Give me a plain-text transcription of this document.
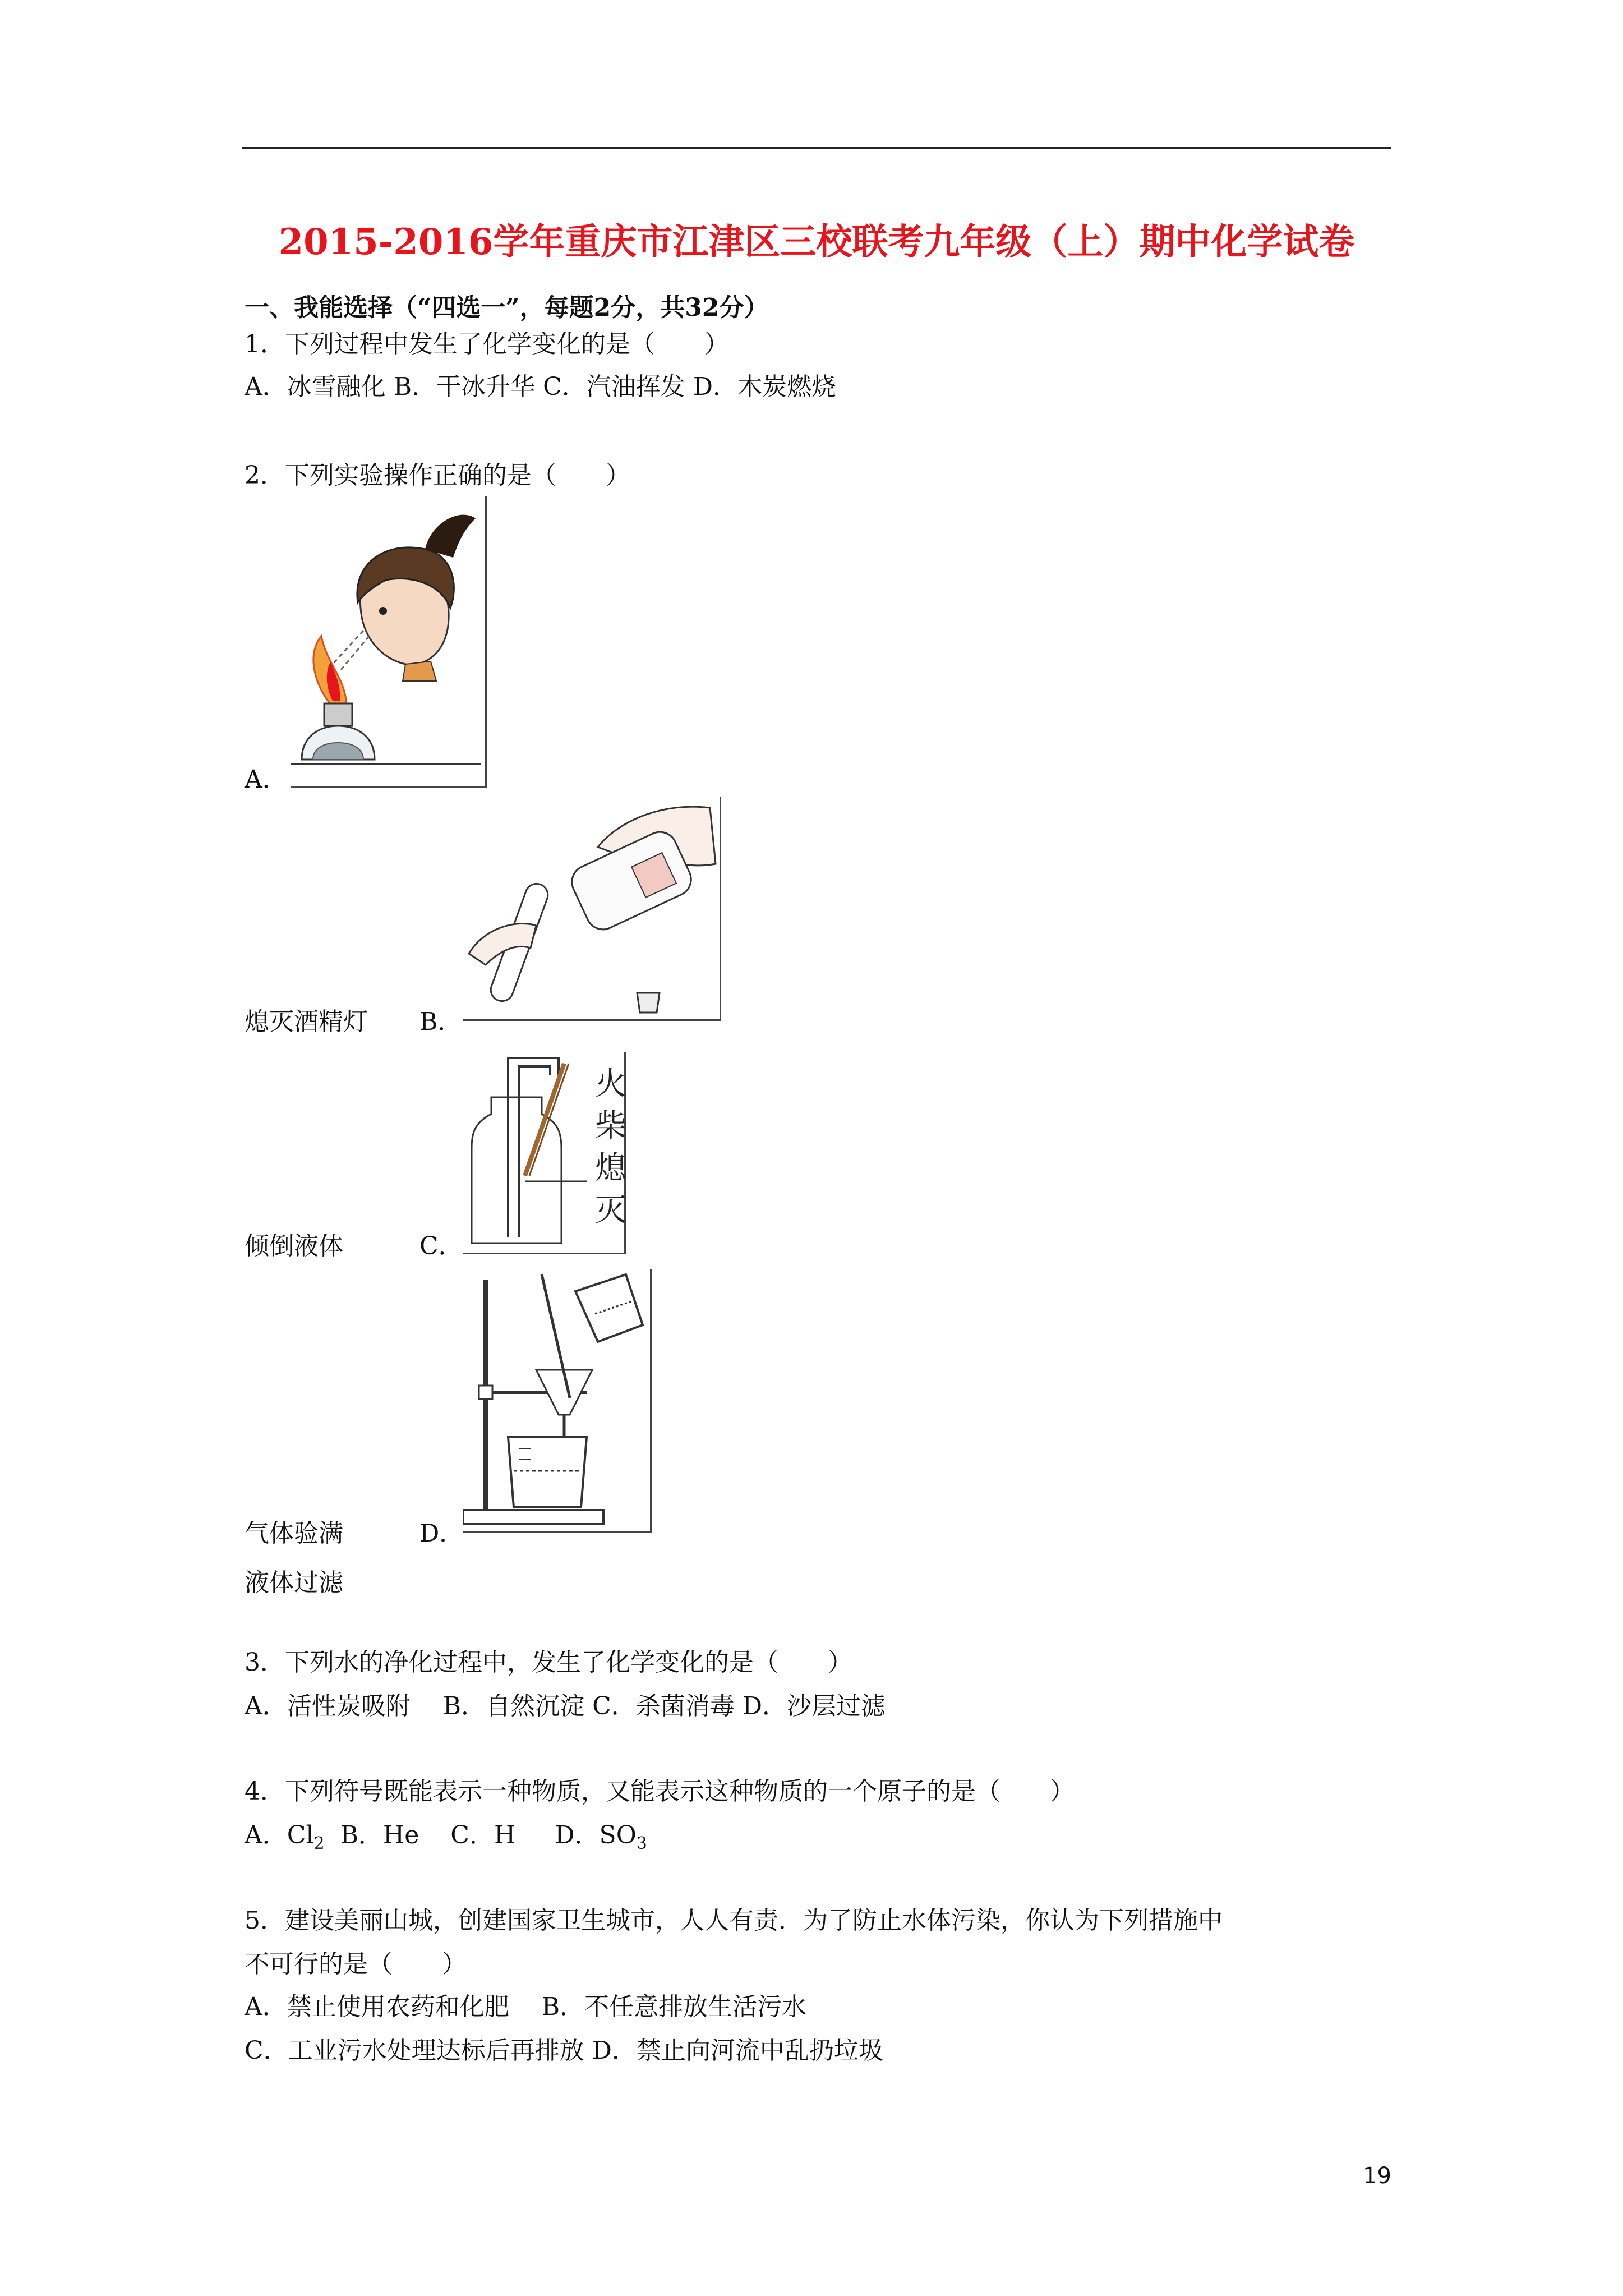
2015-2016学年重庆市江津区三校联考九年级（上）期中化学试卷
一、我能选择（“四选一”，每题2分，共32分）
1．下列过程中发生了化学变化的是（　　）
A．冰雪融化 B．干冰升华 C．汽油挥发 D．木炭燃烧
2．下列实验操作正确的是（　　）
A．
熄灭酒精灯 B．
火
柴
熄
灭
倾倒液体	C．
气体验满	D．
液体过滤
3．下列水的净化过程中，发生了化学变化的是（　　）
A．活性炭吸附　 B．自然沉淀 C．杀菌消毒 D．沙层过滤
4．下列符号既能表示一种物质，又能表示这种物质的一个原子的是（　　）
A．$Cl_2$ B．He C．H D．$SO_3$
5．建设美丽山城，创建国家卫生城市，人人有责．为了防止水体污染，你认为下列措施中
不可行的是（　　）
A．禁止使用农药和化肥　 B．不任意排放生活污水
C．工业污水处理达标后再排放 D．禁止向河流中乱扔垃圾
19
